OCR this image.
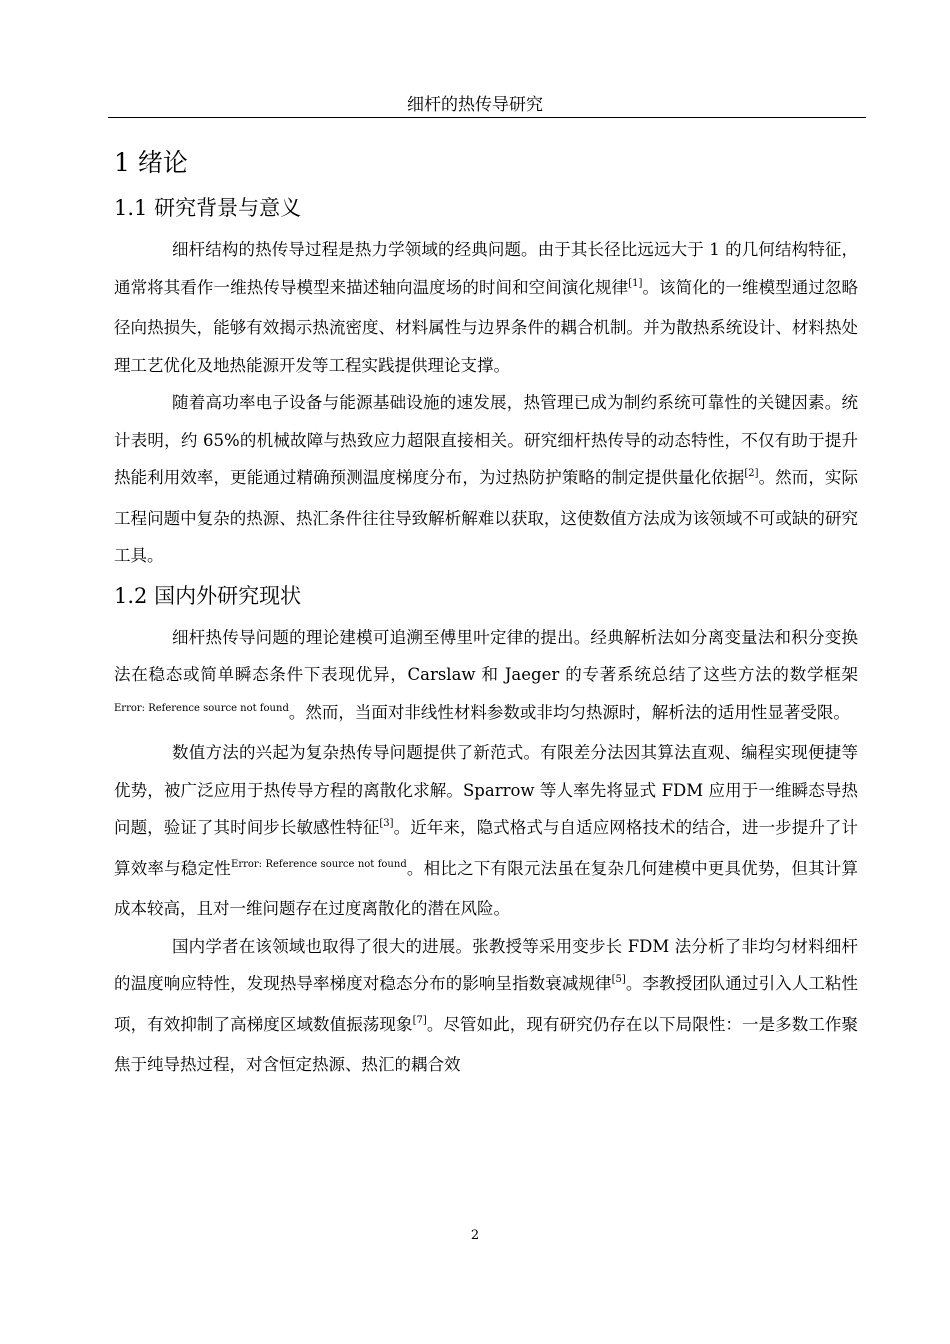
细杆的热传导研究
1 绪论
1.1 研究背景与意义

细杆结构的热传导过程是热力学领域的经典问题。由于其长径比远远大于 1 的几何结构特征，通常将其看作一维热传导模型来描述轴向温度场的时间和空间演化规律[1]。该简化的一维模型通过忽略径向热损失，能够有效揭示热流密度、材料属性与边界条件的耦合机制。并为散热系统设计、材料热处理工艺优化及地热能源开发等工程实践提供理论支撑。

随着高功率电子设备与能源基础设施的速发展，热管理已成为制约系统可靠性的关键因素。统计表明，约 65%的机械故障与热致应力超限直接相关。研究细杆热传导的动态特性，不仅有助于提升热能利用效率，更能通过精确预测温度梯度分布，为过热防护策略的制定提供量化依据[2]。然而，实际工程问题中复杂的热源、热汇条件往往导致解析解难以获取，这使数值方法成为该领域不可或缺的研究工具。

1.2 国内外研究现状

细杆热传导问题的理论建模可追溯至傅里叶定律的提出。经典解析法如分离变量法和积分变换法在稳态或简单瞬态条件下表现优异，Carslaw 和 Jaeger 的专著系统总结了这些方法的数学框架$^{Error: Reference source not found}$。然而，当面对非线性材料参数或非均匀热源时，解析法的适用性显著受限。

数值方法的兴起为复杂热传导问题提供了新范式。有限差分法因其算法直观、编程实现便捷等优势，被广泛应用于热传导方程的离散化求解。Sparrow 等人率先将显式 FDM 应用于一维瞬态导热问题，验证了其时间步长敏感性特征[3]。近年来，隐式格式与自适应网格技术的结合，进一步提升了计算效率与稳定性$^{Error: Reference source not found}$。相比之下有限元法虽在复杂几何建模中更具优势，但其计算成本较高，且对一维问题存在过度离散化的潜在风险。

国内学者在该领域也取得了很大的进展。张教授等采用变步长 FDM 法分析了非均匀材料细杆的温度响应特性，发现热导率梯度对稳态分布的影响呈指数衰减规律[5]。李教授团队通过引入人工粘性项，有效抑制了高梯度区域数值振荡现象[7]。尽管如此，现有研究仍存在以下局限性：一是多数工作聚焦于纯导热过程，对含恒定热源、热汇的耦合效

2
